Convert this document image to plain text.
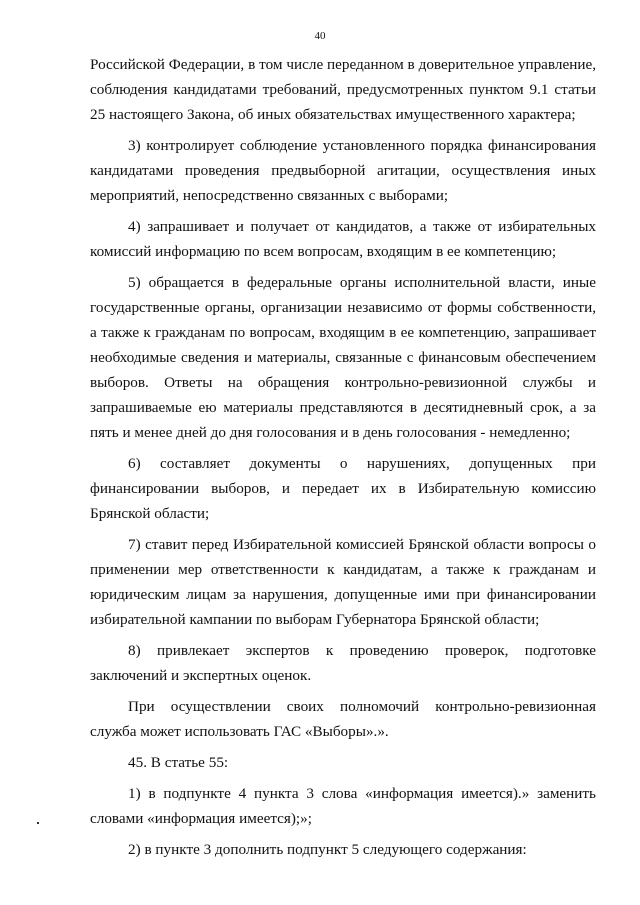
40

Российской Федерации, в том числе переданном в доверительное управление, соблюдения кандидатами требований, предусмотренных пунктом 9.1 статьи 25 настоящего Закона, об иных обязательствах имущественного характера;

3) контролирует соблюдение установленного порядка финансирования кандидатами проведения предвыборной агитации, осуществления иных мероприятий, непосредственно связанных с выборами;

4) запрашивает и получает от кандидатов, а также от избирательных комиссий информацию по всем вопросам, входящим в ее компетенцию;

5) обращается в федеральные органы исполнительной власти, иные государственные органы, организации независимо от формы собственности, а также к гражданам по вопросам, входящим в ее компетенцию, запрашивает необходимые сведения и материалы, связанные с финансовым обеспечением выборов. Ответы на обращения контрольно-ревизионной службы и запрашиваемые ею материалы представляются в десятидневный срок, а за пять и менее дней до дня голосования и в день голосования - немедленно;

6) составляет документы о нарушениях, допущенных при финансировании выборов, и передает их в Избирательную комиссию Брянской области;

7) ставит перед Избирательной комиссией Брянской области вопросы о применении мер ответственности к кандидатам, а также к гражданам и юридическим лицам за нарушения, допущенные ими при финансировании избирательной кампании по выборам Губернатора Брянской области;

8) привлекает экспертов к проведению проверок, подготовке заключений и экспертных оценок.

При осуществлении своих полномочий контрольно-ревизионная служба может использовать ГАС «Выборы».».

45. В статье 55:

1) в подпункте 4 пункта 3 слова «информация имеется).» заменить словами «информация имеется);»;

2) в пункте 3 дополнить подпункт 5 следующего содержания:
